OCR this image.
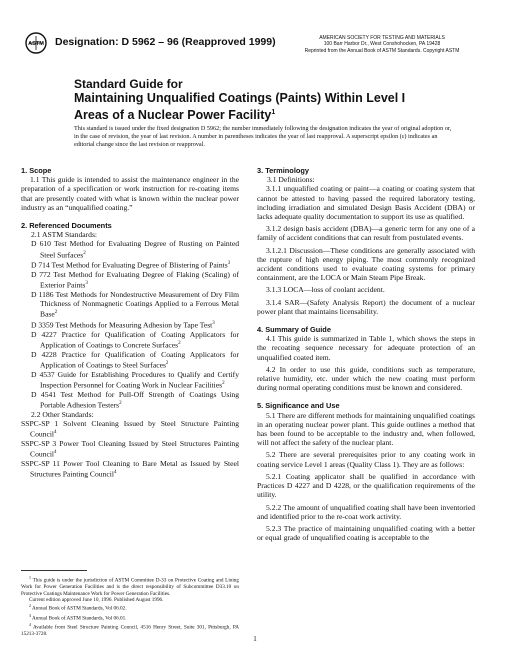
ASTM Designation: D 5962 – 96 (Reapproved 1999)	AMERICAN SOCIETY FOR TESTING AND MATERIALS
100 Barr Harbor Dr., West Conshohocken, PA 19428
Reprinted from the Annual Book of ASTM Standards. Copyright ASTM
Standard Guide for
Maintaining Unqualified Coatings (Paints) Within Level I
Areas of a Nuclear Power Facility$^1$

This standard is issued under the fixed designation D 5962; the number immediately following the designation indicates the year of original adoption or, in the case of revision, the year of last revision. A number in parentheses indicates the year of last reapproval. A superscript epsilon (ε) indicates an editorial change since the last revision or reapproval.

1. Scope

1.1 This guide is intended to assist the maintenance engineer in the preparation of a specification or work instruction for re-coating items that are presently coated with what is known within the nuclear power industry as an “unqualified coating.”

2. Referenced Documents

2.1 ASTM Standards:

D 610 Test Method for Evaluating Degree of Rusting on Painted Steel Surfaces$^2$

D 714 Test Method for Evaluating Degree of Blistering of Paints$^3$

D 772 Test Method for Evaluating Degree of Flaking (Scaling) of Exterior Paints$^3$

D 1186 Test Methods for Nondestructive Measurement of Dry Film Thickness of Nonmagnetic Coatings Applied to a Ferrous Metal Base$^2$

D 3359 Test Methods for Measuring Adhesion by Tape Test$^3$

D 4227 Practice for Qualification of Coating Applicators for Application of Coatings to Concrete Surfaces$^2$

D 4228 Practice for Qualification of Coating Applicators for Application of Coatings to Steel Surfaces$^2$

D 4537 Guide for Establishing Procedures to Qualify and Certify Inspection Personnel for Coating Work in Nuclear Facilities$^2$

D 4541 Test Method for Pull-Off Strength of Coatings Using Portable Adhesion Testers$^2$

2.2 Other Standards:

SSPC-SP 1 Solvent Cleaning Issued by Steel Structure Painting Council$^4$

SSPC-SP 3 Power Tool Cleaning Issued by Steel Structures Painting Council$^4$

SSPC-SP 11 Power Tool Cleaning to Bare Metal as Issued by Steel Structures Painting Council$^4$

3. Terminology

3.1 Definitions:

3.1.1 unqualified coating or paint—a coating or coating system that cannot be attested to having passed the required laboratory testing, including irradiation and simulated Design Basis Accident (DBA) or lacks adequate quality documentation to support its use as qualified.

3.1.2 design basis accident (DBA)—a generic term for any one of a family of accident conditions that can result from postulated events.

3.1.2.1 Discussion—These conditions are generally associated with the rupture of high energy piping. The most commonly recognized accident conditions used to evaluate coating systems for primary containment, are the LOCA or Main Steam Pipe Break.

3.1.3 LOCA—loss of coolant accident.

3.1.4 SAR—(Safety Analysis Report) the document of a nuclear power plant that maintains licensability.

4. Summary of Guide

4.1 This guide is summarized in Table 1, which shows the steps in the recoating sequence necessary for adequate protection of an unqualified coated item.

4.2 In order to use this guide, conditions such as temperature, relative humidity, etc. under which the new coating must perform during normal operating conditions must be known and considered.

5. Significance and Use

5.1 There are different methods for maintaining unqualified coatings in an operating nuclear power plant. This guide outlines a method that has been found to be acceptable to the industry and, when followed, will not affect the safety of the nuclear plant.

5.2 There are several prerequisites prior to any coating work in coating service Level 1 areas (Quality Class 1). They are as follows:

5.2.1 Coating applicator shall be qualified in accordance with Practices D 4227 and D 4228, or the qualification requirements of the utility.

5.2.2 The amount of unqualified coating shall have been inventoried and identified prior to the re-coat work activity.

5.2.3 The practice of maintaining unqualified coating with a better or equal grade of unqualified coating is acceptable to the

$^1$ This guide is under the jurisdiction of ASTM Committee D-33 on Protective Coating and Lining Work for Power Generation Facilities and is the direct responsibility of Subcommittee D33.10 on Protective Coatings Maintenance Work for Power Generation Facilities.

Current edition approved June 10, 1996. Published August 1996.

$^2$ Annual Book of ASTM Standards, Vol 06.02.

$^3$ Annual Book of ASTM Standards, Vol 06.01.

$^4$ Available from Steel Structure Painting Council, 4516 Henry Street, Suite 301, Pittsburgh, PA 15213-3728.

1
